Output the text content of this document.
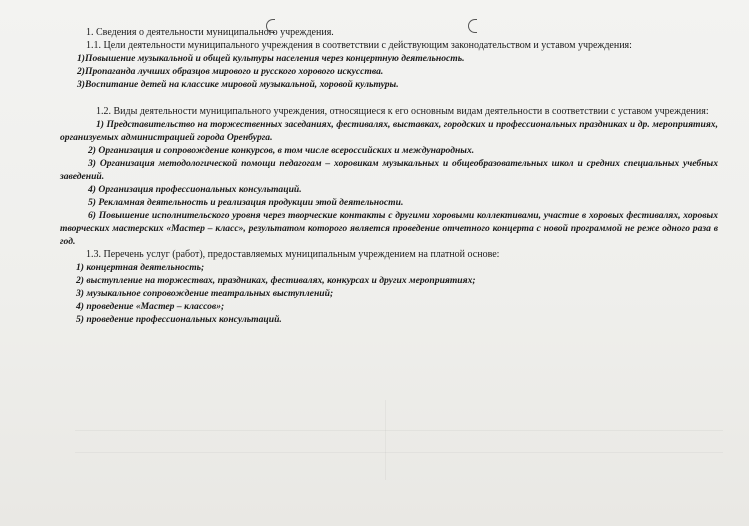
1. Сведения о деятельности муниципального учреждения.
1.1. Цели деятельности муниципального учреждения в соответствии с действующим законодательством и уставом учреждения:
1)Повышение музыкальной и общей культуры населения через концертную деятельность.
2)Пропаганда лучших образцов мирового и русского хорового искусства.
3)Воспитание детей на классике мировой музыкальной, хоровой культуры.
1.2. Виды деятельности муниципального учреждения, относящиеся к его основным видам деятельности в соответствии с уставом учреждения:
1) Представительство на торжественных заседаниях, фестивалях, выставках, городских и профессиональных праздниках и др. мероприятиях, организуемых администрацией города Оренбурга.
2) Организация и сопровождение конкурсов, в том числе всероссийских и международных.
3) Организация методологической помощи педагогам – хоровикам музыкальных и общеобразовательных школ и средних специальных учебных заведений.
4) Организация профессиональных консультаций.
5) Рекламная деятельность и реализация продукции этой деятельности.
6) Повышение исполнительского уровня через творческие контакты с другими хоровыми коллективами, участие в хоровых фестивалях, хоровых творческих мастерских «Мастер – класс», результатом которого является проведение отчетного концерта с новой программой не реже одного раза в год.
1.3. Перечень услуг (работ), предоставляемых муниципальным учреждением на платной основе:
1) концертная деятельность;
2) выступление на торжествах, праздниках, фестивалях, конкурсах и других мероприятиях;
3) музыкальное сопровождение театральных выступлений;
4) проведение «Мастер – классов»;
5) проведение профессиональных консультаций.
